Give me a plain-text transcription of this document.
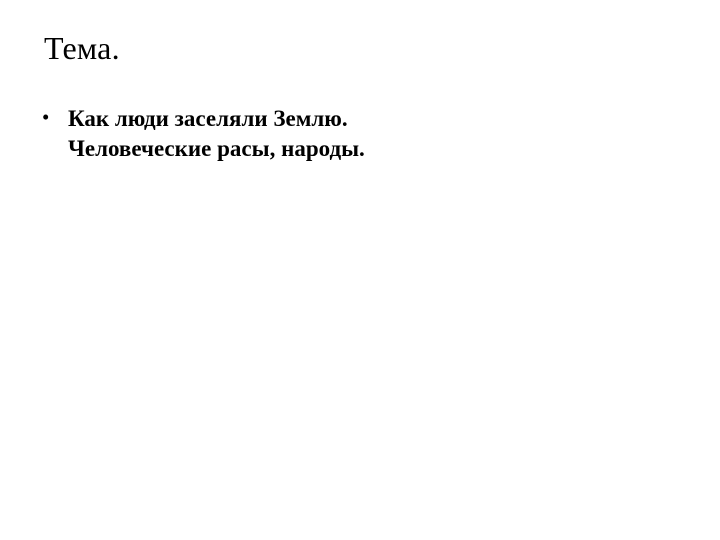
Тема.
• Как люди заселяли Землю.
Человеческие расы, народы.
